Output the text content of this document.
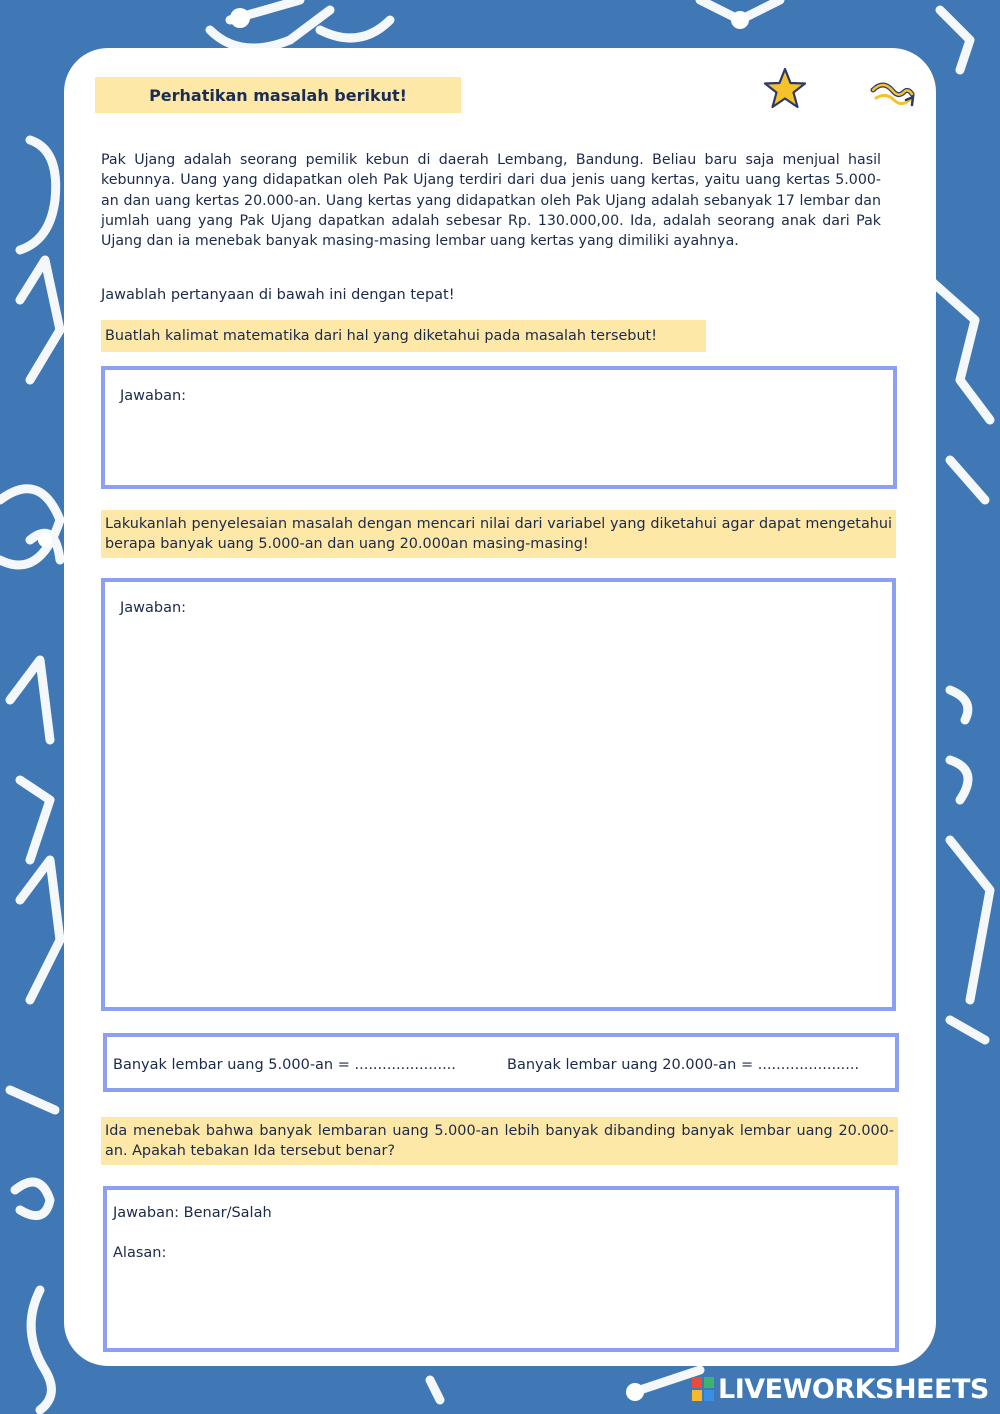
Perhatikan masalah berikut!

Pak Ujang adalah seorang pemilik kebun di daerah Lembang, Bandung. Beliau baru saja menjual hasil kebunnya. Uang yang didapatkan oleh Pak Ujang terdiri dari dua jenis uang kertas, yaitu uang kertas 5.000-an dan uang kertas 20.000-an. Uang kertas yang didapatkan oleh Pak Ujang adalah sebanyak 17 lembar dan jumlah uang yang Pak Ujang dapatkan adalah sebesar Rp. 130.000,00. Ida, adalah seorang anak dari Pak Ujang dan ia menebak banyak masing-masing lembar uang kertas yang dimiliki ayahnya.

Jawablah pertanyaan di bawah ini dengan tepat!

Buatlah kalimat matematika dari hal yang diketahui pada masalah tersebut!
Jawaban:
Lakukanlah penyelesaian masalah dengan mencari nilai dari variabel yang diketahui agar dapat mengetahui berapa banyak uang 5.000-an dan uang 20.000an masing-masing!
Jawaban:
Banyak lembar uang 5.000-an = ......................	Banyak lembar uang 20.000-an = ......................
Ida menebak bahwa banyak lembaran uang 5.000-an lebih banyak dibanding banyak lembar uang 20.000-an. Apakah tebakan Ida tersebut benar?
Jawaban: Benar/Salah
Alasan:
LIVEWORKSHEETS
